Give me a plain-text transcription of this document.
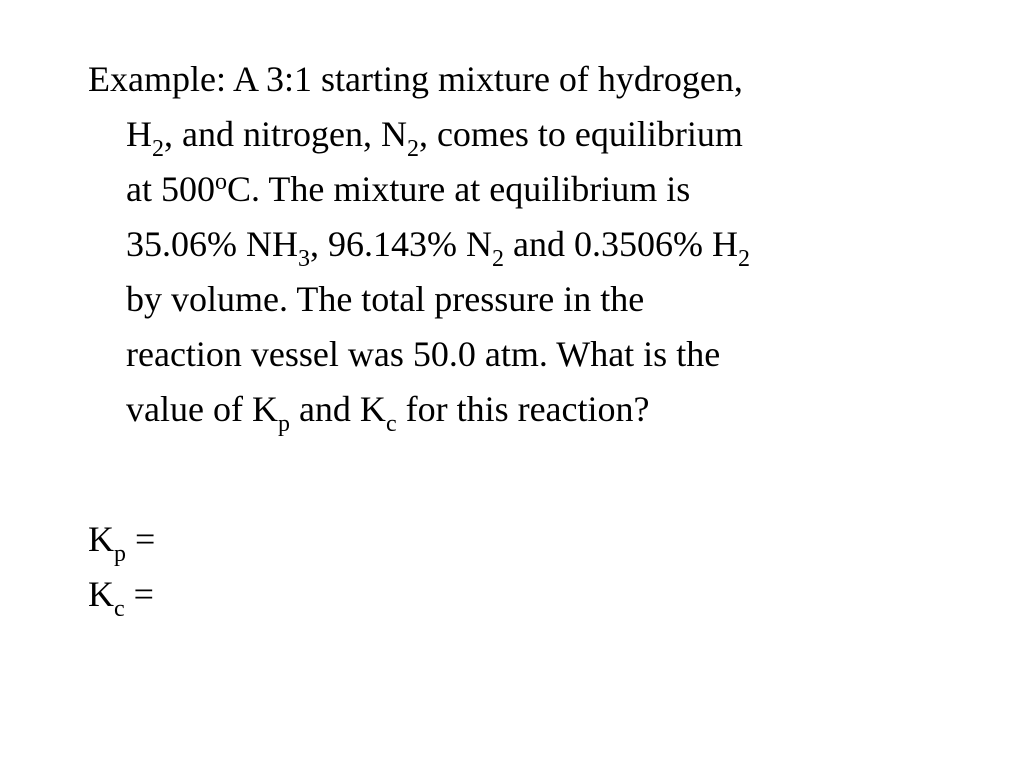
Example: A 3:1 starting mixture of hydrogen,
$H_2$, and nitrogen, $N_2$, comes to equilibrium
at 500$^o$C. The mixture at equilibrium is
35.06% $NH_3$, 96.143% $N_2$ and 0.3506% $H_2$
by volume. The total pressure in the
reaction vessel was 50.0 atm. What is the
value of $K_p$ and $K_c$ for this reaction?
$K_p$ =
$K_c$ =
